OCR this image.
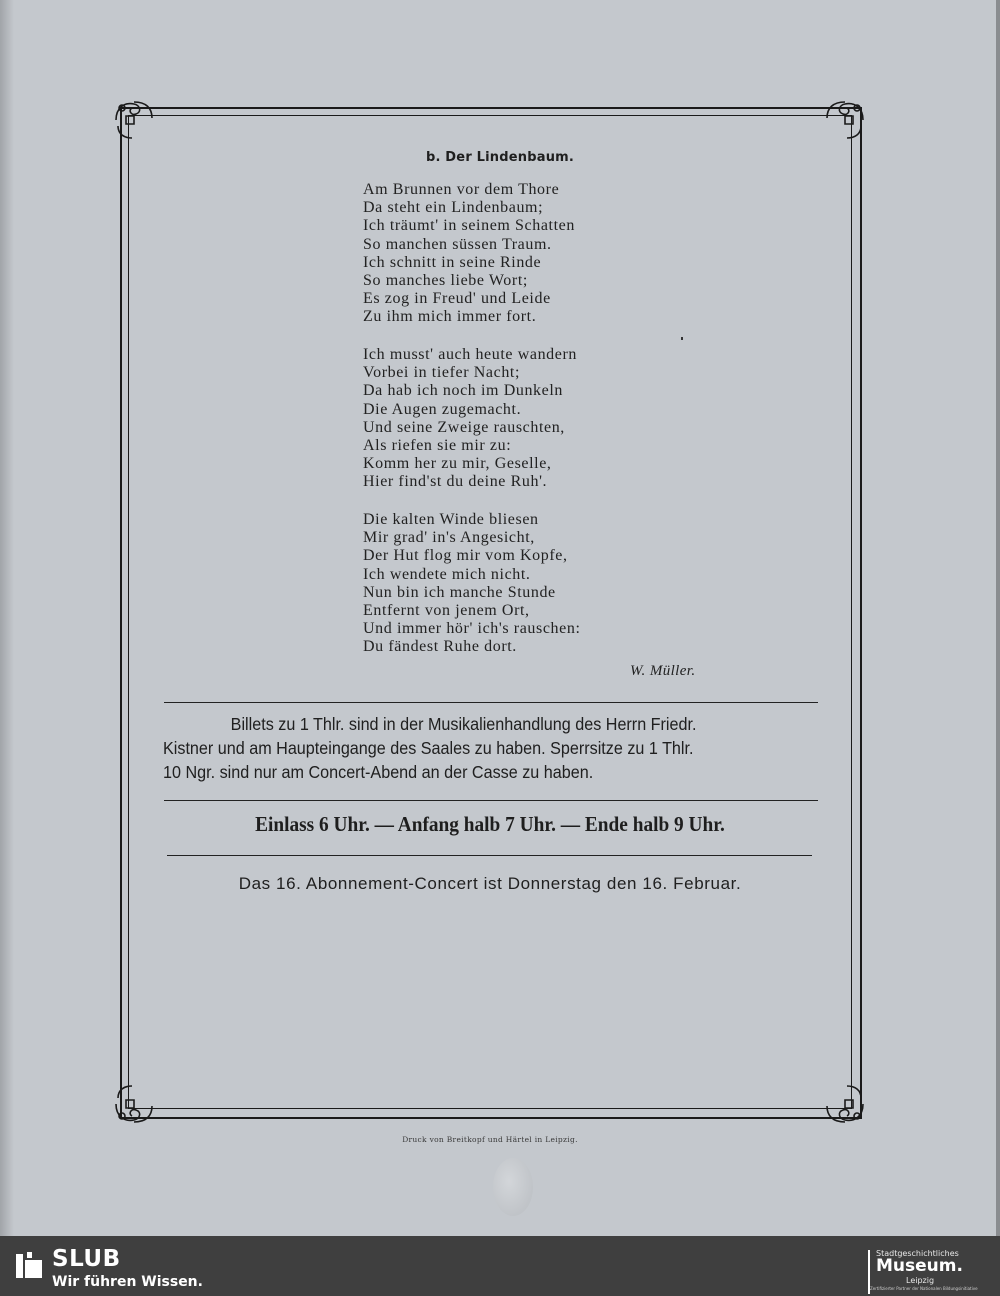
b. Der Lindenbaum.
Am Brunnen vor dem Thore
Da steht ein Lindenbaum;
Ich träumt' in seinem Schatten
So manchen süssen Traum.
Ich schnitt in seine Rinde
So manches liebe Wort;
Es zog in Freud' und Leide
Zu ihm mich immer fort.
Ich musst' auch heute wandern
Vorbei in tiefer Nacht;
Da hab ich noch im Dunkeln
Die Augen zugemacht.
Und seine Zweige rauschten,
Als riefen sie mir zu:
Komm her zu mir, Geselle,
Hier find'st du deine Ruh'.
Die kalten Winde bliesen
Mir grad' in's Angesicht,
Der Hut flog mir vom Kopfe,
Ich wendete mich nicht.
Nun bin ich manche Stunde
Entfernt von jenem Ort,
Und immer hör' ich's rauschen:
Du fändest Ruhe dort.
W. Müller.
Billets zu 1 Thlr. sind in der Musikalienhandlung des Herrn Friedr.
Kistner und am Haupteingange des Saales zu haben. Sperrsitze zu 1 Thlr.
10 Ngr. sind nur am Concert-Abend an der Casse zu haben.
Einlass 6 Uhr. — Anfang halb 7 Uhr. — Ende halb 9 Uhr.
Das 16. Abonnement-Concert ist Donnerstag den 16. Februar.
Druck von Breitkopf und Härtel in Leipzig.
SLUB
Wir führen Wissen.
Stadtgeschichtliches
Museum.
Leipzig
Zertifizierter Partner der Nationalen Bildungsinitiative
